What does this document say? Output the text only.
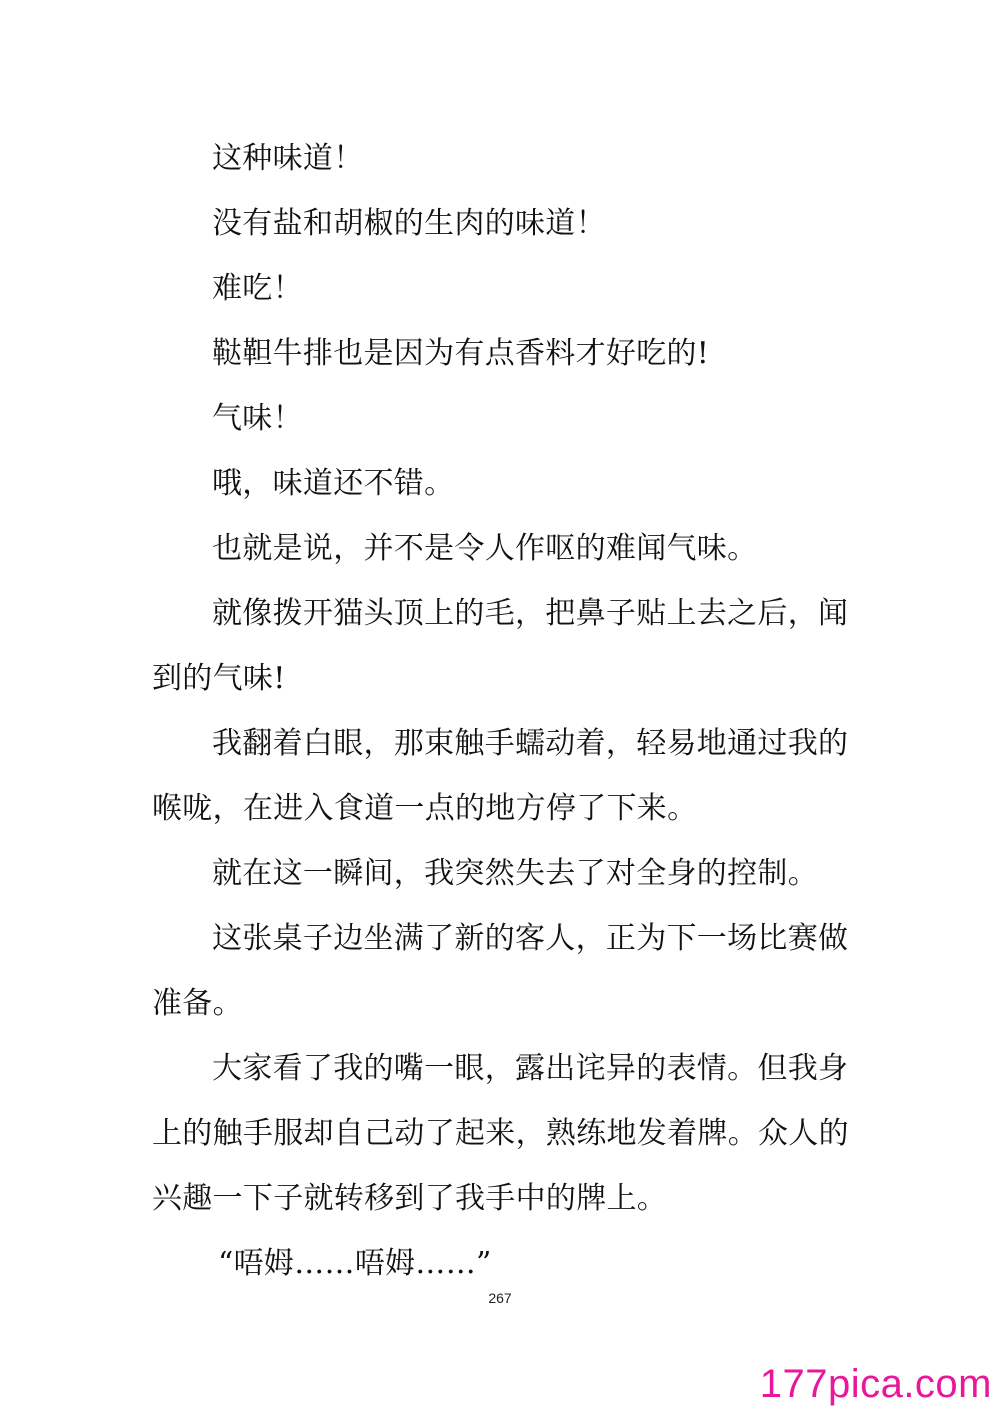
这种味道！

没有盐和胡椒的生肉的味道！

难吃！

鞑靼牛排也是因为有点香料才好吃的!

气味！

哦，味道还不错。

也就是说，并不是令人作呕的难闻气味。

就像拨开猫头顶上的毛，把鼻子贴上去之后，闻到的气味!

我翻着白眼，那束触手蠕动着，轻易地通过我的喉咙，在进入食道一点的地方停了下来。

就在这一瞬间，我突然失去了对全身的控制。

这张桌子边坐满了新的客人，正为下一场比赛做准备。

大家看了我的嘴一眼，露出诧异的表情。但我身上的触手服却自己动了起来，熟练地发着牌。众人的兴趣一下子就转移到了我手中的牌上。

“唔姆……唔姆……”

267
177pica.com
